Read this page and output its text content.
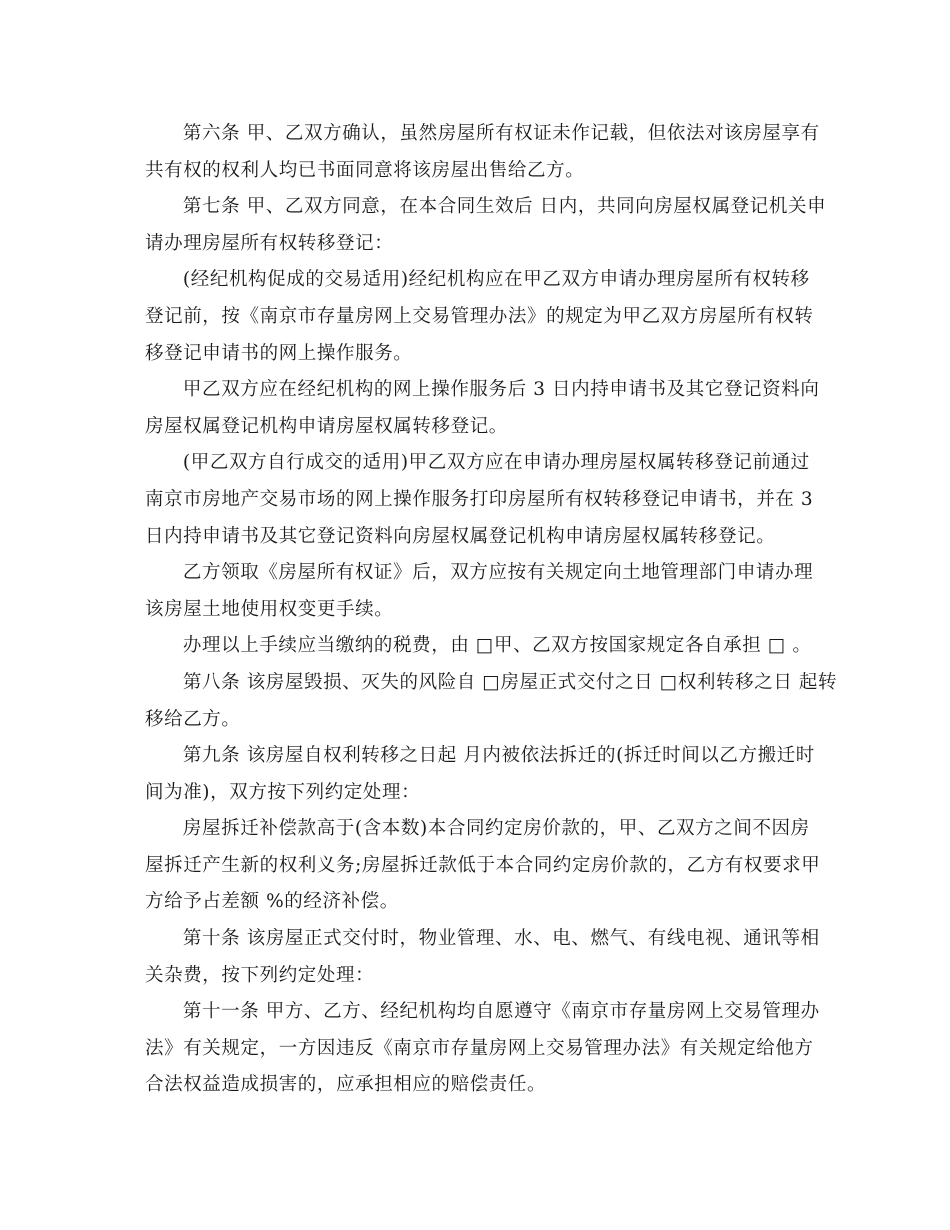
第六条 甲、乙双方确认，虽然房屋所有权证未作记载，但依法对该房屋享有
共有权的权利人均已书面同意将该房屋出售给乙方。

第七条 甲、乙双方同意，在本合同生效后 日内，共同向房屋权属登记机关申
请办理房屋所有权转移登记：

(经纪机构促成的交易适用)经纪机构应在甲乙双方申请办理房屋所有权转移
登记前，按《南京市存量房网上交易管理办法》的规定为甲乙双方房屋所有权转
移登记申请书的网上操作服务。

甲乙双方应在经纪机构的网上操作服务后 3 日内持申请书及其它登记资料向
房屋权属登记机构申请房屋权属转移登记。

(甲乙双方自行成交的适用)甲乙双方应在申请办理房屋权属转移登记前通过
南京市房地产交易市场的网上操作服务打印房屋所有权转移登记申请书，并在 3
日内持申请书及其它登记资料向房屋权属登记机构申请房屋权属转移登记。

乙方领取《房屋所有权证》后，双方应按有关规定向土地管理部门申请办理
该房屋土地使用权变更手续。

办理以上手续应当缴纳的税费，由 □甲、乙双方按国家规定各自承担 □ 。

第八条 该房屋毁损、灭失的风险自 □房屋正式交付之日 □权利转移之日 起转
移给乙方。

第九条 该房屋自权利转移之日起 月内被依法拆迁的(拆迁时间以乙方搬迁时
间为准)，双方按下列约定处理：

房屋拆迁补偿款高于(含本数)本合同约定房价款的，甲、乙双方之间不因房
屋拆迁产生新的权利义务;房屋拆迁款低于本合同约定房价款的，乙方有权要求甲
方给予占差额 %的经济补偿。

第十条 该房屋正式交付时，物业管理、水、电、燃气、有线电视、通讯等相
关杂费，按下列约定处理：

第十一条 甲方、乙方、经纪机构均自愿遵守《南京市存量房网上交易管理办
法》有关规定，一方因违反《南京市存量房网上交易管理办法》有关规定给他方
合法权益造成损害的，应承担相应的赔偿责任。
